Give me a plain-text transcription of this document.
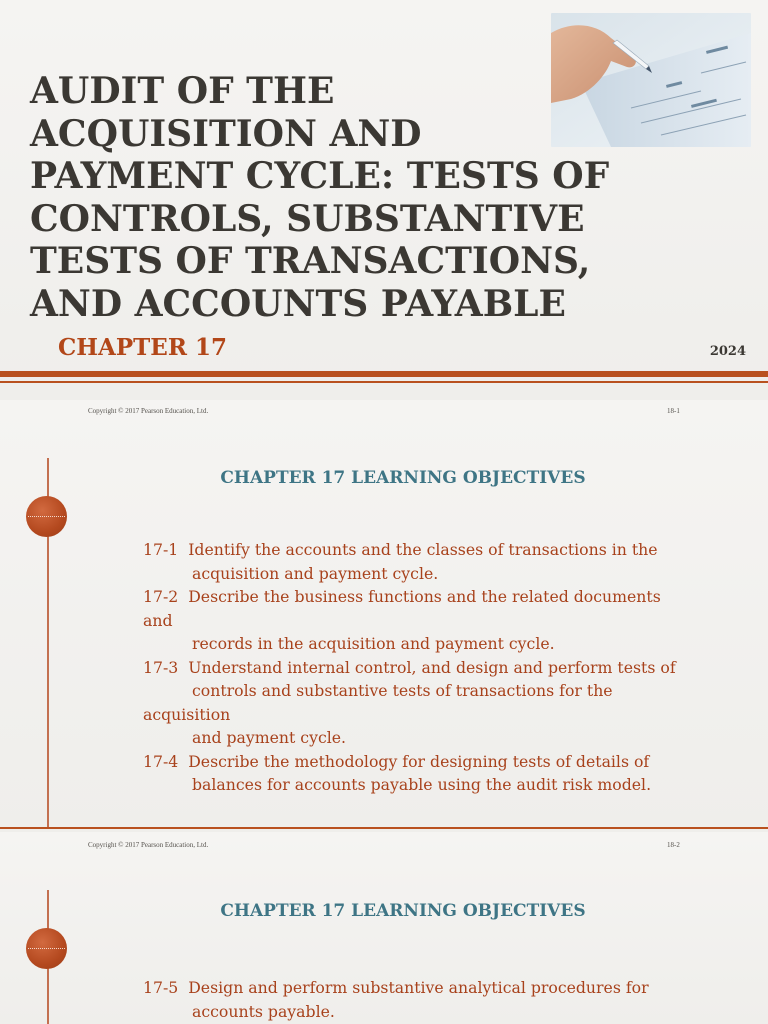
AUDIT OF THE
ACQUISITION AND
PAYMENT CYCLE: TESTS OF
CONTROLS, SUBSTANTIVE
TESTS OF TRANSACTIONS,
AND ACCOUNTS PAYABLE
CHAPTER 17	2024
Copyright © 2017 Pearson Education, Ltd.	18-1
CHAPTER 17 LEARNING OBJECTIVES
17-1 Identify the accounts and the classes of transactions in the
acquisition and payment cycle.
17-2 Describe the business functions and the related documents
and
records in the acquisition and payment cycle.
17-3 Understand internal control, and design and perform tests of
controls and substantive tests of transactions for the
acquisition
and payment cycle.
17-4 Describe the methodology for designing tests of details of
balances for accounts payable using the audit risk model.
Copyright © 2017 Pearson Education, Ltd.	18-2
CHAPTER 17 LEARNING OBJECTIVES
17-5 Design and perform substantive analytical procedures for
accounts payable.
